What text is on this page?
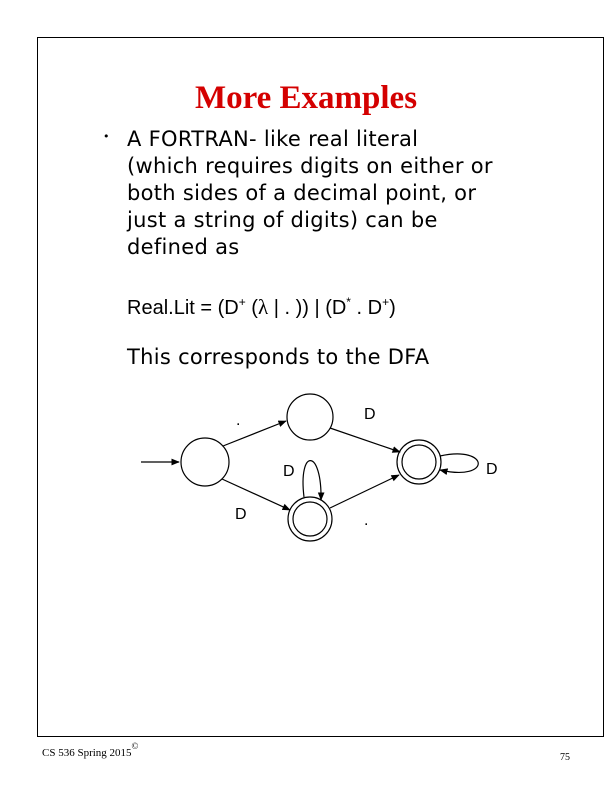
More Examples
• A FORTRAN- like real literal
(which requires digits on either or
both sides of a decimal point, or
just a string of digits) can be
defined as
Real.Lit = (D+ (λ | . )) | (D* . D+)
This corresponds to the DFA
.	D
D
D
.
D
CS 536 Spring 2015©
75
